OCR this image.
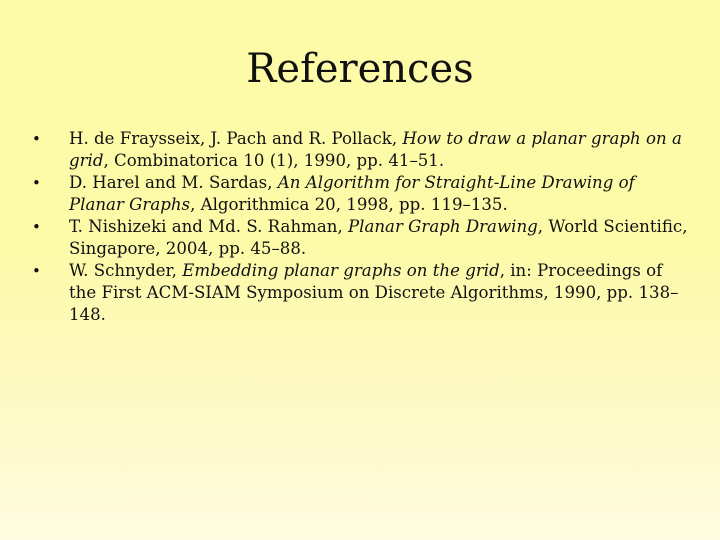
References
• H. de Fraysseix, J. Pach and R. Pollack, How to draw a planar graph on a grid, Combinatorica 10 (1), 1990, pp. 41–51.
• D. Harel and M. Sardas, An Algorithm for Straight-Line Drawing of Planar Graphs, Algorithmica 20, 1998, pp. 119–135.
• T. Nishizeki and Md. S. Rahman, Planar Graph Drawing, World Scientific, Singapore, 2004, pp. 45–88.
• W. Schnyder, Embedding planar graphs on the grid, in: Proceedings of the First ACM-SIAM Symposium on Discrete Algorithms, 1990, pp. 138–148.
